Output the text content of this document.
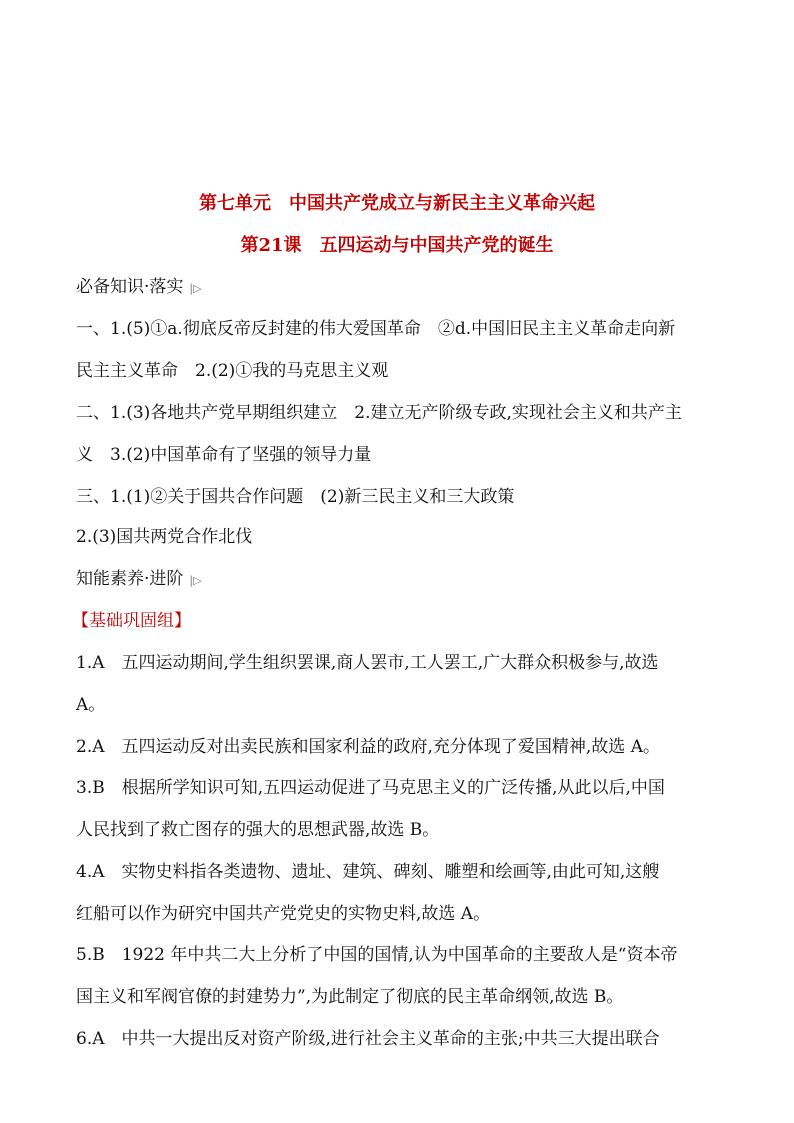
第七单元　中国共产党成立与新民主主义革命兴起
第21课　五四运动与中国共产党的诞生
必备知识·落实 |▷
一、1.(5)①a.彻底反帝反封建的伟大爱国革命　②d.中国旧民主主义革命走向新
民主主义革命　2.(2)①我的马克思主义观
二、1.(3)各地共产党早期组织建立　2.建立无产阶级专政,实现社会主义和共产主
义　3.(2)中国革命有了坚强的领导力量
三、1.(1)②关于国共合作问题　(2)新三民主义和三大政策
2.(3)国共两党合作北伐
知能素养·进阶 |▷
【基础巩固组】
1.A　五四运动期间,学生组织罢课,商人罢市,工人罢工,广大群众积极参与,故选
A。
2.A　五四运动反对出卖民族和国家利益的政府,充分体现了爱国精神,故选 A。
3.B　根据所学知识可知,五四运动促进了马克思主义的广泛传播,从此以后,中国
人民找到了救亡图存的强大的思想武器,故选 B。
4.A　实物史料指各类遗物、遗址、建筑、碑刻、雕塑和绘画等,由此可知,这艘
红船可以作为研究中国共产党党史的实物史料,故选 A。
5.B　1922 年中共二大上分析了中国的国情,认为中国革命的主要敌人是“资本帝
国主义和军阀官僚的封建势力”,为此制定了彻底的民主革命纲领,故选 B。
6.A　中共一大提出反对资产阶级,进行社会主义革命的主张;中共三大提出联合
